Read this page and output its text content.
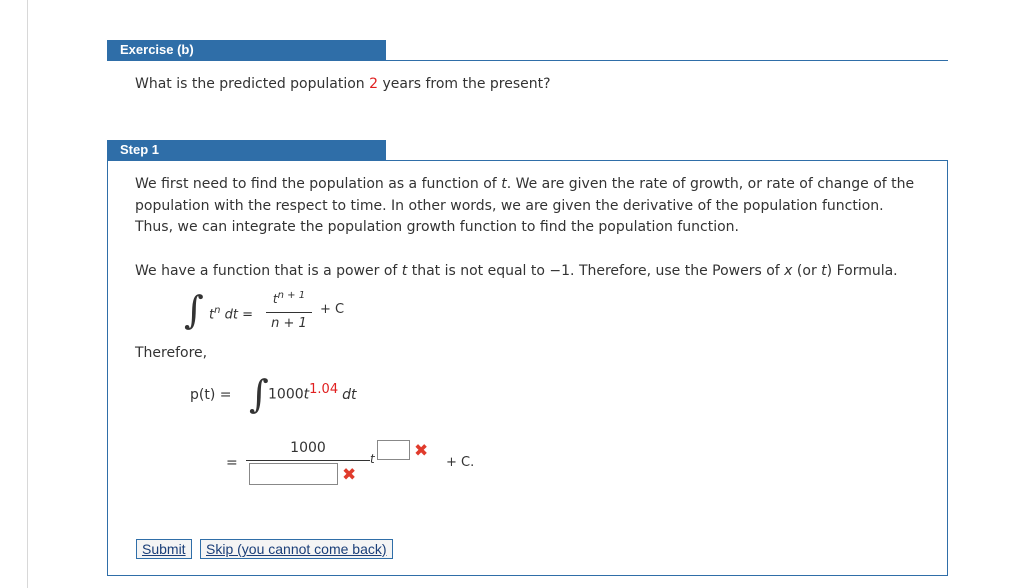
Exercise (b)
What is the predicted population 2 years from the present?
Step 1
We first need to find the population as a function of t. We are given the rate of growth, or rate of change of the population with the respect to time. In other words, we are given the derivative of the population function. Thus, we can integrate the population growth function to find the population function.
We have a function that is a power of t that is not equal to −1. Therefore, use the Powers of x (or t) Formula.
∫ $t^n$ dt =
$t^{n + 1}$
n + 1
+ C
Therefore,
p(t) = ∫ $1000t^{1.04}$ dt
=
1000
✖
t ✖
+ C.
Submit	Skip (you cannot come back)
